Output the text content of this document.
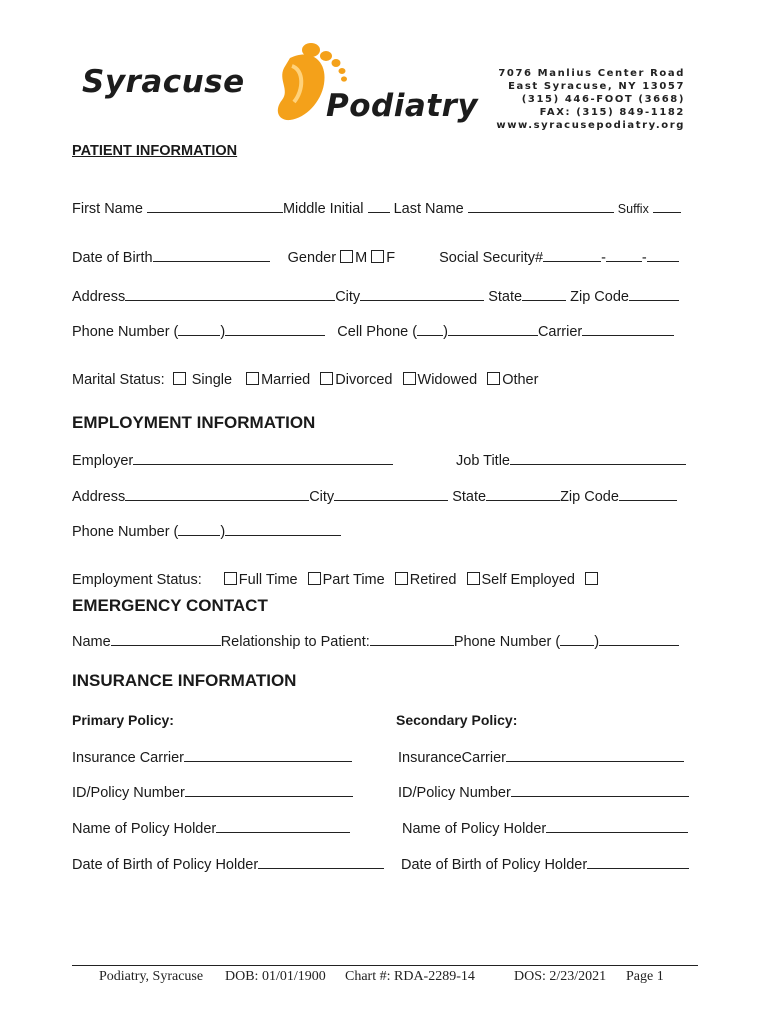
Syracuse
Podiatry
7076 Manlius Center Road
East Syracuse, NY 13057
(315) 446-FOOT (3668)
FAX: (315) 849-1182
www.syracusepodiatry.org
PATIENT INFORMATION
First Name	Middle Initial Last Name	Suffix
Date of Birth	Gender M F	Social Security#	- -
Address	City	State	Zip Code
Phone Number (	)	Cell Phone ( )	Carrier
Marital Status: Single Married Divorced Widowed Other
EMPLOYMENT INFORMATION
Employer	Job Title
Address	City	State	Zip Code
Phone Number (	)
Employment Status:	Full Time Part Time Retired Self Employed
EMERGENCY CONTACT
Name	Relationship to Patient:	Phone Number ( )
INSURANCE INFORMATION
Primary Policy:	Secondary Policy:
Insurance Carrier	InsuranceCarrier
ID/Policy Number	ID/Policy Number
Name of Policy Holder	Name of Policy Holder
Date of Birth of Policy Holder	Date of Birth of Policy Holder
Podiatry, Syracuse DOB: 01/01/1900 Chart #: RDA-2289-14	DOS: 2/23/2021 Page 1
